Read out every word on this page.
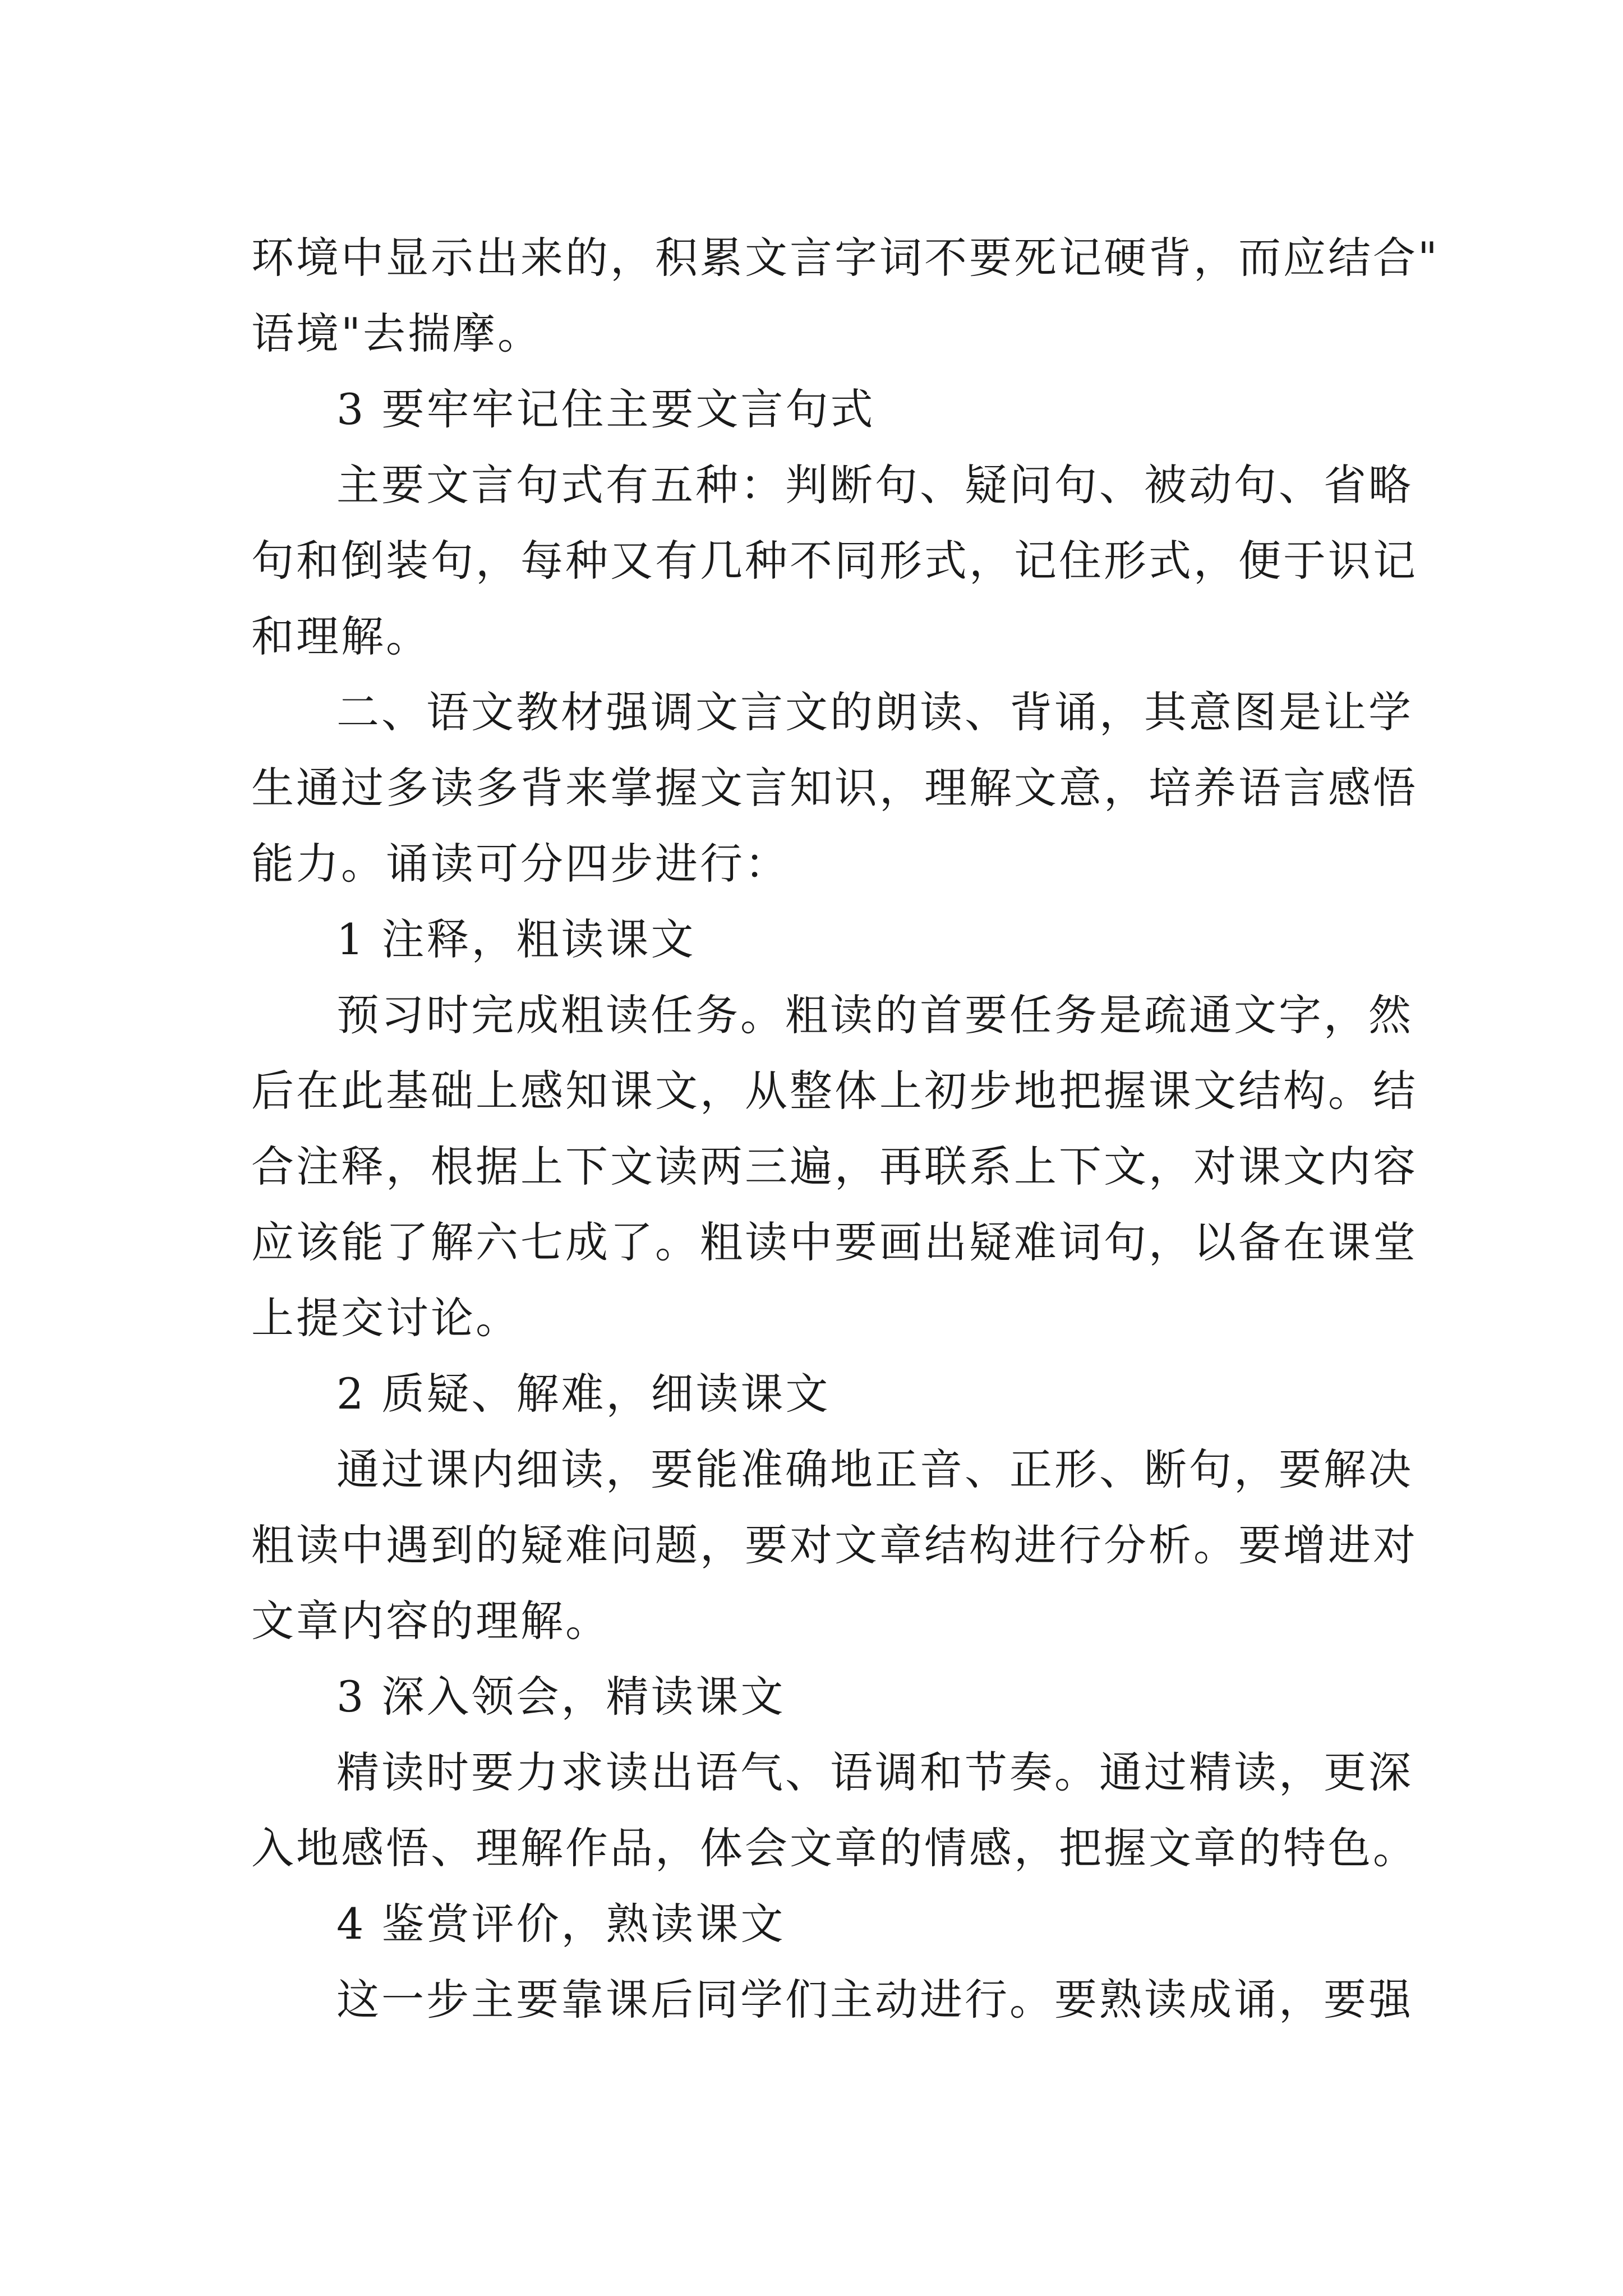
环境中显示出来的，积累文言字词不要死记硬背，而应结合"
语境"去揣摩。
3 要牢牢记住主要文言句式
主要文言句式有五种：判断句、疑问句、被动句、省略
句和倒装句，每种又有几种不同形式，记住形式，便于识记
和理解。
二、语文教材强调文言文的朗读、背诵，其意图是让学
生通过多读多背来掌握文言知识，理解文意，培养语言感悟
能力。诵读可分四步进行：
1 注释，粗读课文
预习时完成粗读任务。粗读的首要任务是疏通文字，然
后在此基础上感知课文，从整体上初步地把握课文结构。结
合注释，根据上下文读两三遍，再联系上下文，对课文内容
应该能了解六七成了。粗读中要画出疑难词句，以备在课堂
上提交讨论。
2 质疑、解难，细读课文
通过课内细读，要能准确地正音、正形、断句，要解决
粗读中遇到的疑难问题，要对文章结构进行分析。要增进对
文章内容的理解。
3 深入领会，精读课文
精读时要力求读出语气、语调和节奏。通过精读，更深
入地感悟、理解作品，体会文章的情感，把握文章的特色。
4 鉴赏评价，熟读课文
这一步主要靠课后同学们主动进行。要熟读成诵，要强
